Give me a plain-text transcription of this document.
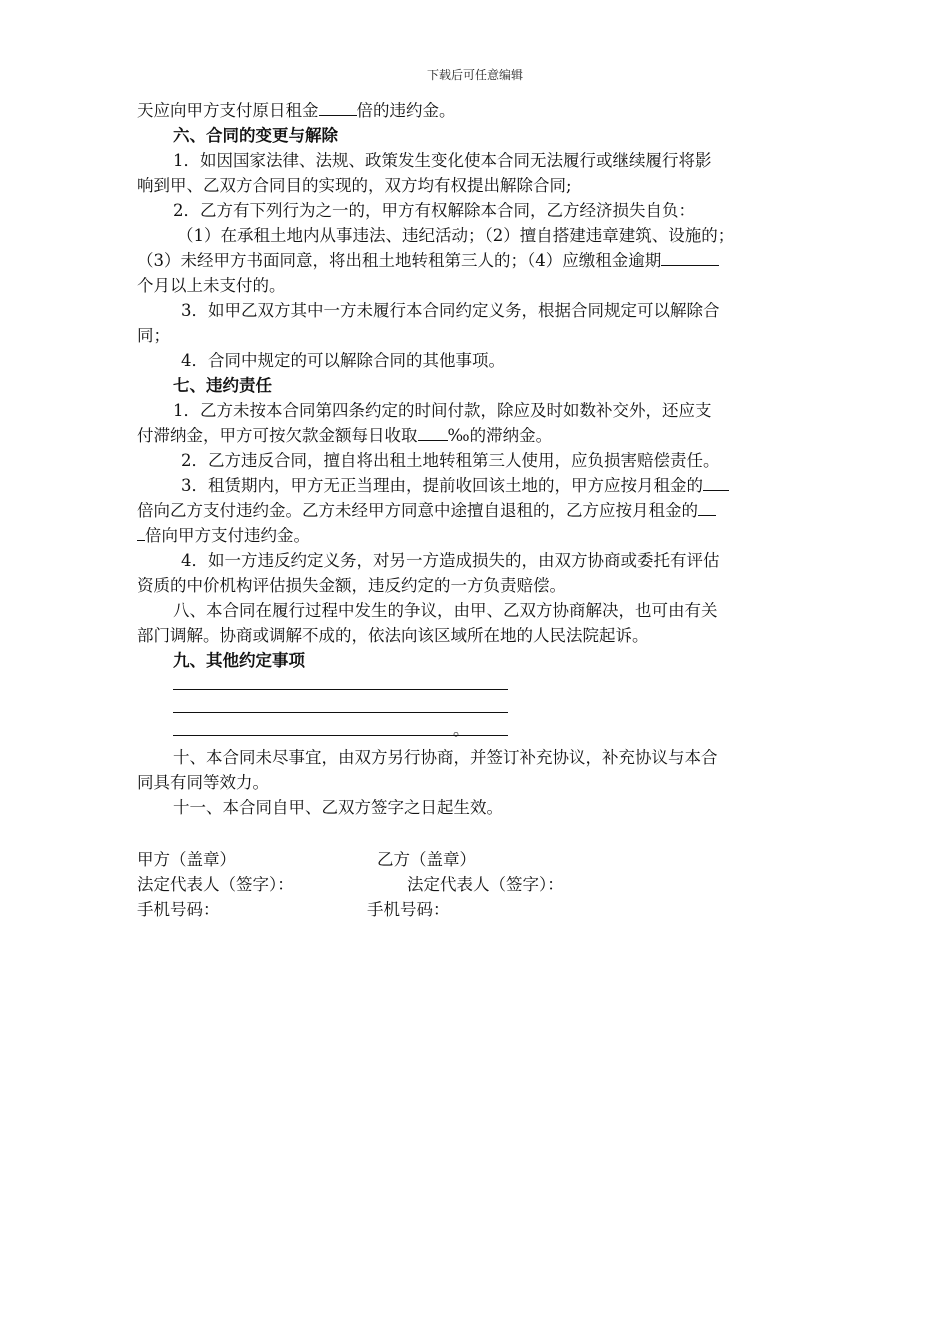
下载后可任意编辑

天应向甲方支付原日租金 倍的违约金。

六、合同的变更与解除

1．如因国家法律、法规、政策发生变化使本合同无法履行或继续履行将影

响到甲、乙双方合同目的实现的，双方均有权提出解除合同;

2．乙方有下列行为之一的，甲方有权解除本合同，乙方经济损失自负：

（1）在承租土地内从事违法、违纪活动；（2）擅自搭建违章建筑、设施的；

（3）未经甲方书面同意，将出租土地转租第三人的；（4）应缴租金逾期

个月以上未支付的。

3．如甲乙双方其中一方未履行本合同约定义务，根据合同规定可以解除合

同；

4．合同中规定的可以解除合同的其他事项。

七、违约责任

1．乙方未按本合同第四条约定的时间付款，除应及时如数补交外，还应支

付滞纳金，甲方可按欠款金额每日收取 ‰的滞纳金。

2．乙方违反合同，擅自将出租土地转租第三人使用，应负损害赔偿责任。

3．租赁期内，甲方无正当理由，提前收回该土地的，甲方应按月租金的

倍向乙方支付违约金。乙方未经甲方同意中途擅自退租的，乙方应按月租金的

倍向甲方支付违约金。

4．如一方违反约定义务，对另一方造成损失的，由双方协商或委托有评估

资质的中价机构评估损失金额，违反约定的一方负责赔偿。

八、本合同在履行过程中发生的争议，由甲、乙双方协商解决，也可由有关

部门调解。协商或调解不成的，依法向该区域所在地的人民法院起诉。

九、其他约定事项

。

十、本合同未尽事宜，由双方另行协商，并签订补充协议，补充协议与本合

同具有同等效力。

十一、本合同自甲、乙双方签字之日起生效。

甲方（盖章）	乙方（盖章）
法定代表人（签字）：	法定代表人（签字）：
手机号码：	手机号码：
